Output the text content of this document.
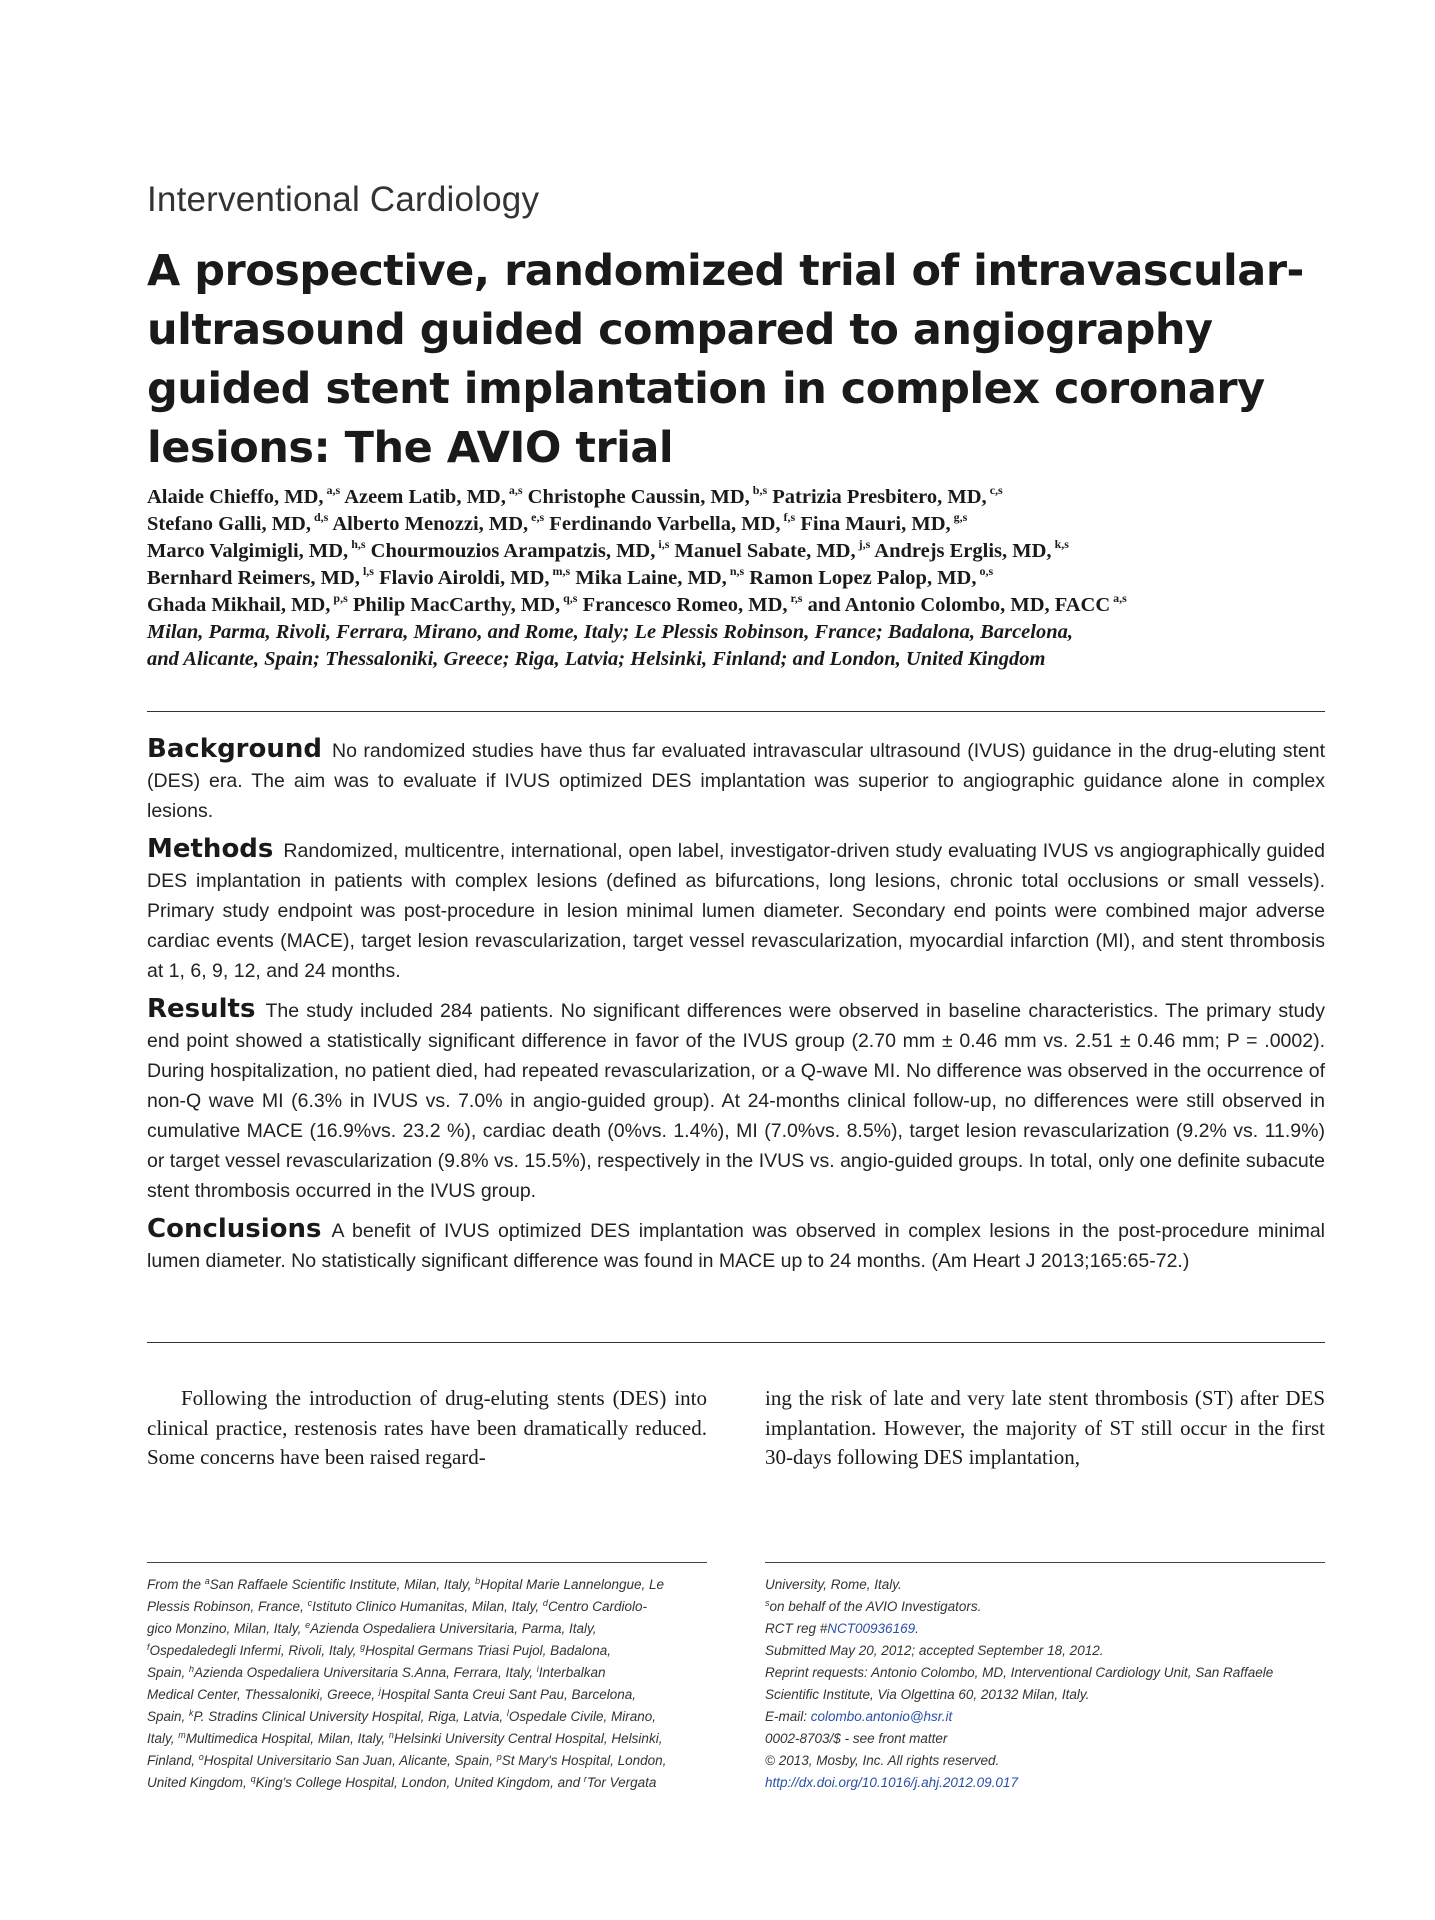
Interventional Cardiology
A prospective, randomized trial of intravascular-ultrasound guided compared to angiography guided stent implantation in complex coronary lesions: The AVIO trial
Alaide Chieffo, MD, $^{a,s}$ Azeem Latib, MD, $^{a,s}$ Christophe Caussin, MD, $^{b,s}$ Patrizia Presbitero, MD, $^{c,s}$
Stefano Galli, MD, $^{d,s}$ Alberto Menozzi, MD, $^{e,s}$ Ferdinando Varbella, MD, $^{f,s}$ Fina Mauri, MD, $^{g,s}$
Marco Valgimigli, MD, $^{h,s}$ Chourmouzios Arampatzis, MD, $^{i,s}$ Manuel Sabate, MD, $^{j,s}$ Andrejs Erglis, MD, $^{k,s}$
Bernhard Reimers, MD, $^{l,s}$ Flavio Airoldi, MD, $^{m,s}$ Mika Laine, MD, $^{n,s}$ Ramon Lopez Palop, MD, $^{o,s}$
Ghada Mikhail, MD, $^{p,s}$ Philip MacCarthy, MD, $^{q,s}$ Francesco Romeo, MD, $^{r,s}$ and Antonio Colombo, MD, FACC $^{a,s}$
Milan, Parma, Rivoli, Ferrara, Mirano, and Rome, Italy; Le Plessis Robinson, France; Badalona, Barcelona,
and Alicante, Spain; Thessaloniki, Greece; Riga, Latvia; Helsinki, Finland; and London, United Kingdom

Background No randomized studies have thus far evaluated intravascular ultrasound (IVUS) guidance in the drug-eluting stent (DES) era. The aim was to evaluate if IVUS optimized DES implantation was superior to angiographic guidance alone in complex lesions.

Methods Randomized, multicentre, international, open label, investigator-driven study evaluating IVUS vs angiographically guided DES implantation in patients with complex lesions (defined as bifurcations, long lesions, chronic total occlusions or small vessels). Primary study endpoint was post-procedure in lesion minimal lumen diameter. Secondary end points were combined major adverse cardiac events (MACE), target lesion revascularization, target vessel revascularization, myocardial infarction (MI), and stent thrombosis at 1, 6, 9, 12, and 24 months.

Results The study included 284 patients. No significant differences were observed in baseline characteristics. The primary study end point showed a statistically significant difference in favor of the IVUS group (2.70 mm ± 0.46 mm vs. 2.51 ± 0.46 mm; P = .0002). During hospitalization, no patient died, had repeated revascularization, or a Q-wave MI. No difference was observed in the occurrence of non-Q wave MI (6.3% in IVUS vs. 7.0% in angio-guided group). At 24-months clinical follow-up, no differences were still observed in cumulative MACE (16.9%vs. 23.2 %), cardiac death (0%vs. 1.4%), MI (7.0%vs. 8.5%), target lesion revascularization (9.2% vs. 11.9%) or target vessel revascularization (9.8% vs. 15.5%), respectively in the IVUS vs. angio-guided groups. In total, only one definite subacute stent thrombosis occurred in the IVUS group.

Conclusions A benefit of IVUS optimized DES implantation was observed in complex lesions in the post-procedure minimal lumen diameter. No statistically significant difference was found in MACE up to 24 months. (Am Heart J 2013;165:65-72.)

Following the introduction of drug-eluting stents (DES) into clinical practice, restenosis rates have been dramatically reduced. Some concerns have been raised regard-
ing the risk of late and very late stent thrombosis (ST) after DES implantation. However, the majority of ST still occur in the first 30-days following DES implantation,
From the $^a$San Raffaele Scientific Institute, Milan, Italy, $^b$Hopital Marie Lannelongue, Le
Plessis Robinson, France, $^c$Istituto Clinico Humanitas, Milan, Italy, $^d$Centro Cardiolo-
gico Monzino, Milan, Italy, $^e$Azienda Ospedaliera Universitaria, Parma, Italy,
$^f$Ospedaledegli Infermi, Rivoli, Italy, $^g$Hospital Germans Triasi Pujol, Badalona,
Spain, $^h$Azienda Ospedaliera Universitaria S.Anna, Ferrara, Italy, $^i$Interbalkan
Medical Center, Thessaloniki, Greece, $^j$Hospital Santa Creui Sant Pau, Barcelona,
Spain, $^k$P. Stradins Clinical University Hospital, Riga, Latvia, $^l$Ospedale Civile, Mirano,
Italy, $^m$Multimedica Hospital, Milan, Italy, $^n$Helsinki University Central Hospital, Helsinki,
Finland, $^o$Hospital Universitario San Juan, Alicante, Spain, $^p$St Mary's Hospital, London,
United Kingdom, $^q$King's College Hospital, London, United Kingdom, and $^r$Tor Vergata
University, Rome, Italy.
$^s$on behalf of the AVIO Investigators.
RCT reg #NCT00936169.
Submitted May 20, 2012; accepted September 18, 2012.
Reprint requests: Antonio Colombo, MD, Interventional Cardiology Unit, San Raffaele
Scientific Institute, Via Olgettina 60, 20132 Milan, Italy.
E-mail: colombo.antonio@hsr.it
0002-8703/$ - see front matter
© 2013, Mosby, Inc. All rights reserved.
http://dx.doi.org/10.1016/j.ahj.2012.09.017
